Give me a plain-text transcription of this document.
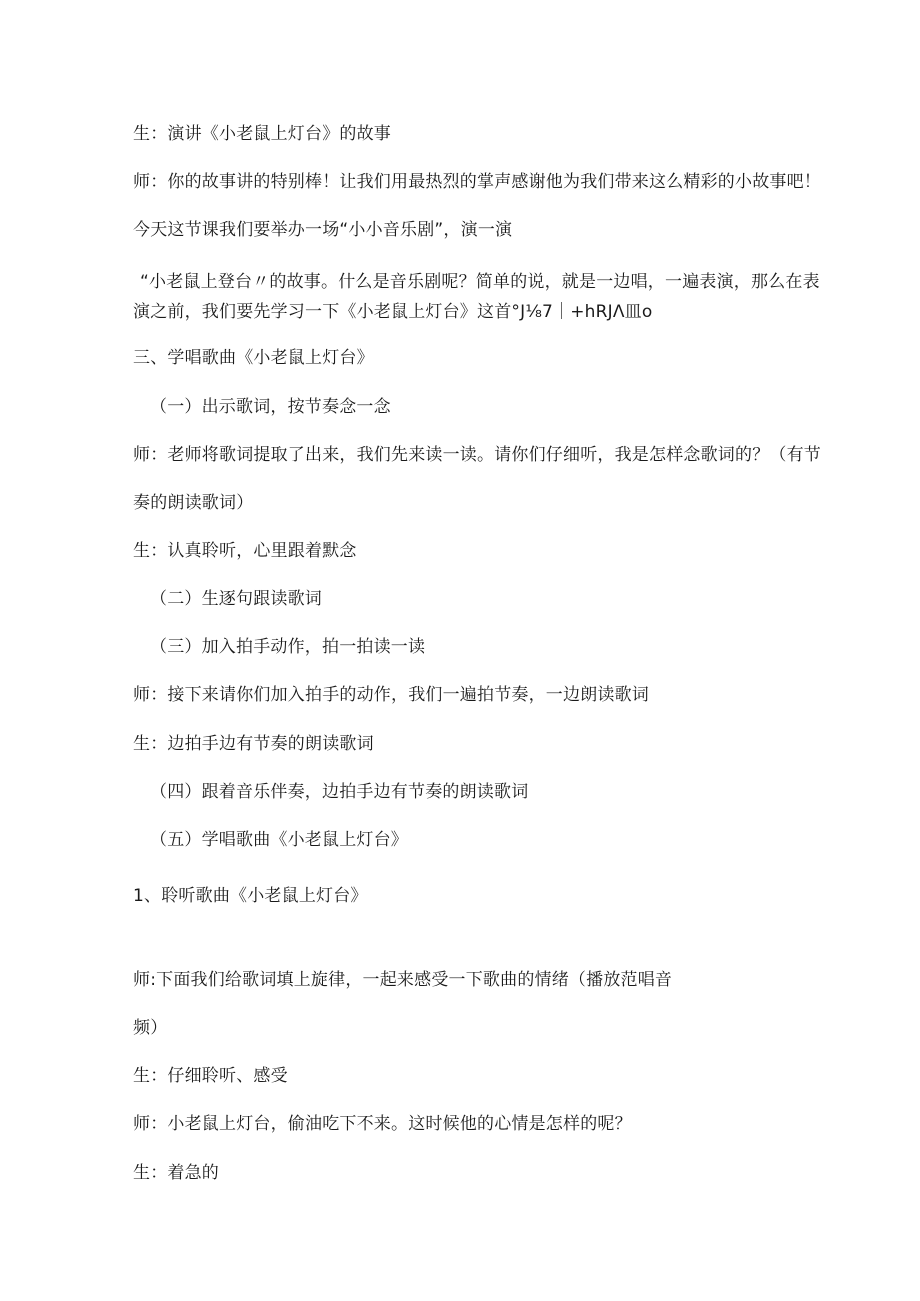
生：演讲《小老鼠上灯台》的故事
师：你的故事讲的特别棒！让我们用最热烈的掌声感谢他为我们带来这么精彩的小故事吧！
今天这节课我们要举办一场“小小音乐剧”，演一演
“小老鼠上登台〃的故事。什么是音乐剧呢？简单的说，就是一边唱，一遍表演，那么在表
演之前，我们要先学习一下《小老鼠上灯台》这首°J⅛7｜+hRJΛ皿o
三、学唱歌曲《小老鼠上灯台》
（一）出示歌词，按节奏念一念
师：老师将歌词提取了出来，我们先来读一读。请你们仔细听，我是怎样念歌词的？（有节
奏的朗读歌词）
生：认真聆听，心里跟着默念
（二）生逐句跟读歌词
（三）加入拍手动作，拍一拍读一读
师：接下来请你们加入拍手的动作，我们一遍拍节奏，一边朗读歌词
生：边拍手边有节奏的朗读歌词
（四）跟着音乐伴奏，边拍手边有节奏的朗读歌词
（五）学唱歌曲《小老鼠上灯台》
1、聆听歌曲《小老鼠上灯台》
师:下面我们给歌词填上旋律，一起来感受一下歌曲的情绪（播放范唱音
频）
生：仔细聆听、感受
师：小老鼠上灯台，偷油吃下不来。这时候他的心情是怎样的呢？
生：着急的
